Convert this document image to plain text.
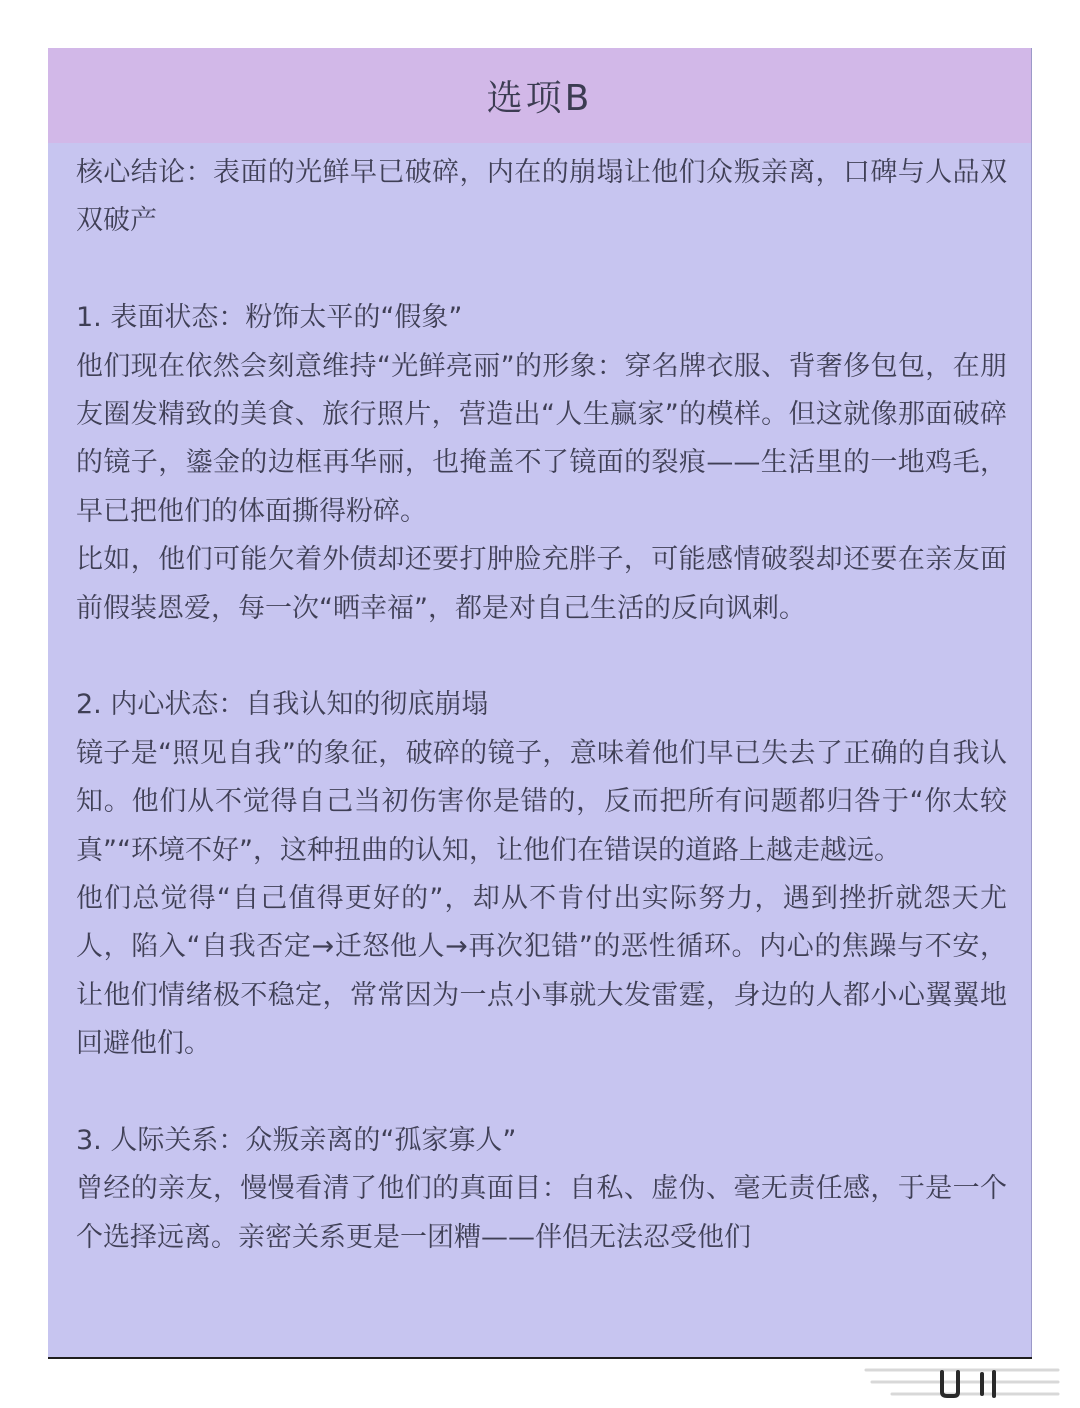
选项B

核心结论：表面的光鲜早已破碎，内在的崩塌让他们众叛亲离，口碑与人品双双破产

1. 表面状态：粉饰太平的“假象”

他们现在依然会刻意维持“光鲜亮丽”的形象：穿名牌衣服、背奢侈包包，在朋友圈发精致的美食、旅行照片，营造出“人生赢家”的模样。但这就像那面破碎的镜子，鎏金的边框再华丽，也掩盖不了镜面的裂痕——生活里的一地鸡毛，早已把他们的体面撕得粉碎。

比如，他们可能欠着外债却还要打肿脸充胖子，可能感情破裂却还要在亲友面前假装恩爱，每一次“晒幸福”，都是对自己生活的反向讽刺。

2. 内心状态：自我认知的彻底崩塌

镜子是“照见自我”的象征，破碎的镜子，意味着他们早已失去了正确的自我认知。他们从不觉得自己当初伤害你是错的，反而把所有问题都归咎于“你太较真”“环境不好”，这种扭曲的认知，让他们在错误的道路上越走越远。

他们总觉得“自己值得更好的”，却从不肯付出实际努力，遇到挫折就怨天尤人，陷入“自我否定→迁怒他人→再次犯错”的恶性循环。内心的焦躁与不安，让他们情绪极不稳定，常常因为一点小事就大发雷霆，身边的人都小心翼翼地回避他们。

3. 人际关系：众叛亲离的“孤家寡人”

曾经的亲友，慢慢看清了他们的真面目：自私、虚伪、毫无责任感，于是一个个选择远离。亲密关系更是一团糟——伴侣无法忍受他们
